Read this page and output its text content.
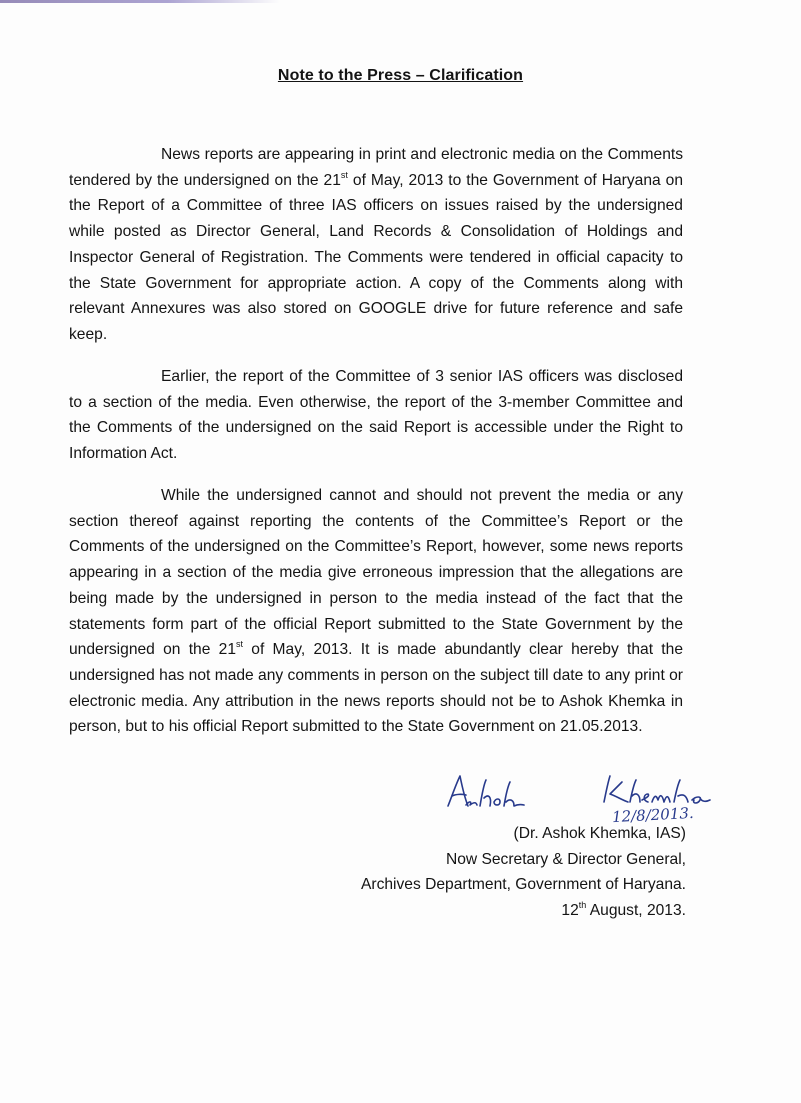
Note to the Press – Clarification

News reports are appearing in print and electronic media on the Comments tendered by the undersigned on the 21st of May, 2013 to the Government of Haryana on the Report of a Committee of three IAS officers on issues raised by the undersigned while posted as Director General, Land Records & Consolidation of Holdings and Inspector General of Registration. The Comments were tendered in official capacity to the State Government for appropriate action. A copy of the Comments along with relevant Annexures was also stored on GOOGLE drive for future reference and safe keep.

Earlier, the report of the Committee of 3 senior IAS officers was disclosed to a section of the media. Even otherwise, the report of the 3-member Committee and the Comments of the undersigned on the said Report is accessible under the Right to Information Act.

While the undersigned cannot and should not prevent the media or any section thereof against reporting the contents of the Committee’s Report or the Comments of the undersigned on the Committee’s Report, however, some news reports appearing in a section of the media give erroneous impression that the allegations are being made by the undersigned in person to the media instead of the fact that the statements form part of the official Report submitted to the State Government by the undersigned on the 21st of May, 2013. It is made abundantly clear hereby that the undersigned has not made any comments in person on the subject till date to any print or electronic media. Any attribution in the news reports should not be to Ashok Khemka in person, but to his official Report submitted to the State Government on 21.05.2013.

12/8/2013.
(Dr. Ashok Khemka, IAS)
Now Secretary & Director General,
Archives Department, Government of Haryana.
12th August, 2013.
